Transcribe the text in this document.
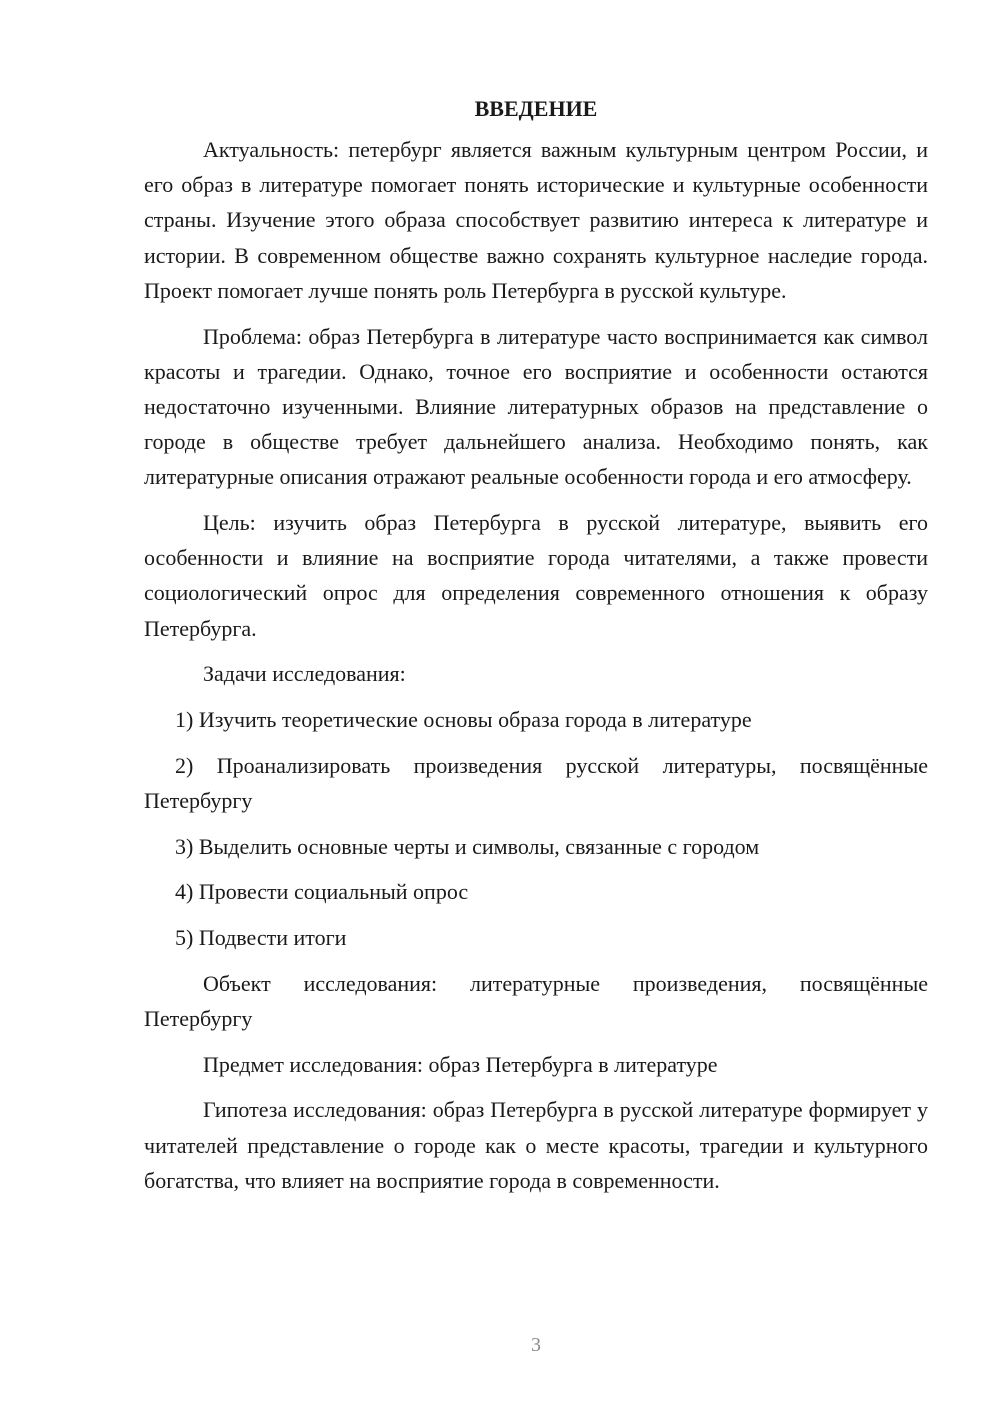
ВВЕДЕНИЕ

Актуальность: петербург является важным культурным центром России, и его образ в литературе помогает понять исторические и культурные особенности страны. Изучение этого образа способствует развитию интереса к литературе и истории. В современном обществе важно сохранять культурное наследие города. Проект помогает лучше понять роль Петербурга в русской культуре.

Проблема: образ Петербурга в литературе часто воспринимается как символ красоты и трагедии. Однако, точное его восприятие и особенности остаются недостаточно изученными. Влияние литературных образов на представление о городе в обществе требует дальнейшего анализа. Необходимо понять, как литературные описания отражают реальные особенности города и его атмосферу.

Цель: изучить образ Петербурга в русской литературе, выявить его особенности и влияние на восприятие города читателями, а также провести социологический опрос для определения современного отношения к образу Петербурга.

Задачи исследования:

1) Изучить теоретические основы образа города в литературе

2) Проанализировать произведения русской литературы, посвящённые Петербургу

3) Выделить основные черты и символы, связанные с городом

4) Провести социальный опрос

5) Подвести итоги

Объект исследования: литературные произведения, посвящённые Петербургу

Предмет исследования: образ Петербурга в литературе

Гипотеза исследования: образ Петербурга в русской литературе формирует у читателей представление о городе как о месте красоты, трагедии и культурного богатства, что влияет на восприятие города в современности.

3
